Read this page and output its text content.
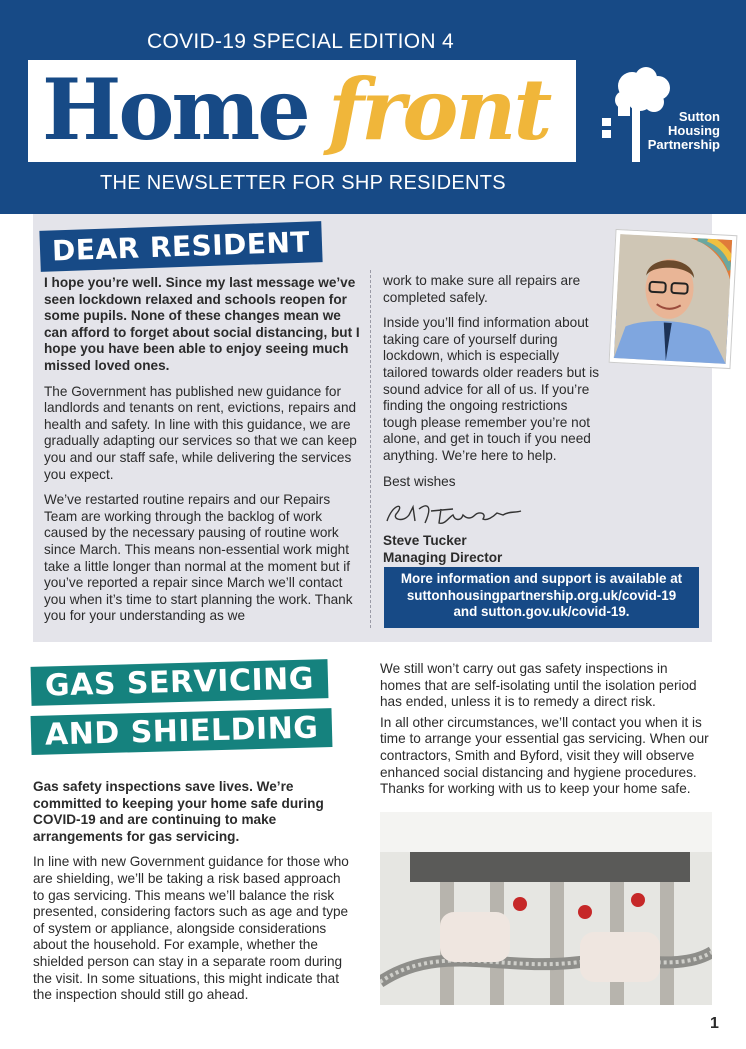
COVID-19 SPECIAL EDITION 4
Home front
THE NEWSLETTER FOR SHP RESIDENTS
Sutton
Housing
Partnership
DEAR RESIDENT

I hope you’re well. Since my last message we’ve seen lockdown relaxed and schools reopen for some pupils. None of these changes mean we can afford to forget about social distancing, but I hope you have been able to enjoy seeing much missed loved ones.

The Government has published new guidance for landlords and tenants on rent, evictions, repairs and health and safety. In line with this guidance, we are gradually adapting our services so that we can keep you and our staff safe, while delivering the services you expect.

We’ve restarted routine repairs and our Repairs Team are working through the backlog of work caused by the necessary pausing of routine work since March. This means non-essential work might take a little longer than normal at the moment but if you’ve reported a repair since March we’ll contact you when it’s time to start planning the work. Thank you for your understanding as we

work to make sure all repairs are completed safely.

Inside you’ll find information about taking care of yourself during lockdown, which is especially tailored towards older readers but is sound advice for all of us. If you’re finding the ongoing restrictions tough please remember you’re not alone, and get in touch if you need anything. We’re here to help.

Best wishes

Steve Tucker
Managing Director
More information and support is available at
suttonhousingpartnership.org.uk/covid-19
and sutton.gov.uk/covid-19.
GAS SERVICING
AND SHIELDING

Gas safety inspections save lives. We’re committed to keeping your home safe during COVID-19 and are continuing to make arrangements for gas servicing.

In line with new Government guidance for those who are shielding, we’ll be taking a risk based approach to gas servicing. This means we’ll balance the risk presented, considering factors such as age and type of system or appliance, alongside considerations about the household. For example, whether the shielded person can stay in a separate room during the visit. In some situations, this might indicate that the inspection should still go ahead.

We still won’t carry out gas safety inspections in homes that are self-isolating until the isolation period has ended, unless it is to remedy a direct risk.

In all other circumstances, we’ll contact you when it is time to arrange your essential gas servicing. When our contractors, Smith and Byford, visit they will observe enhanced social distancing and hygiene procedures. Thanks for working with us to keep your home safe.

1
